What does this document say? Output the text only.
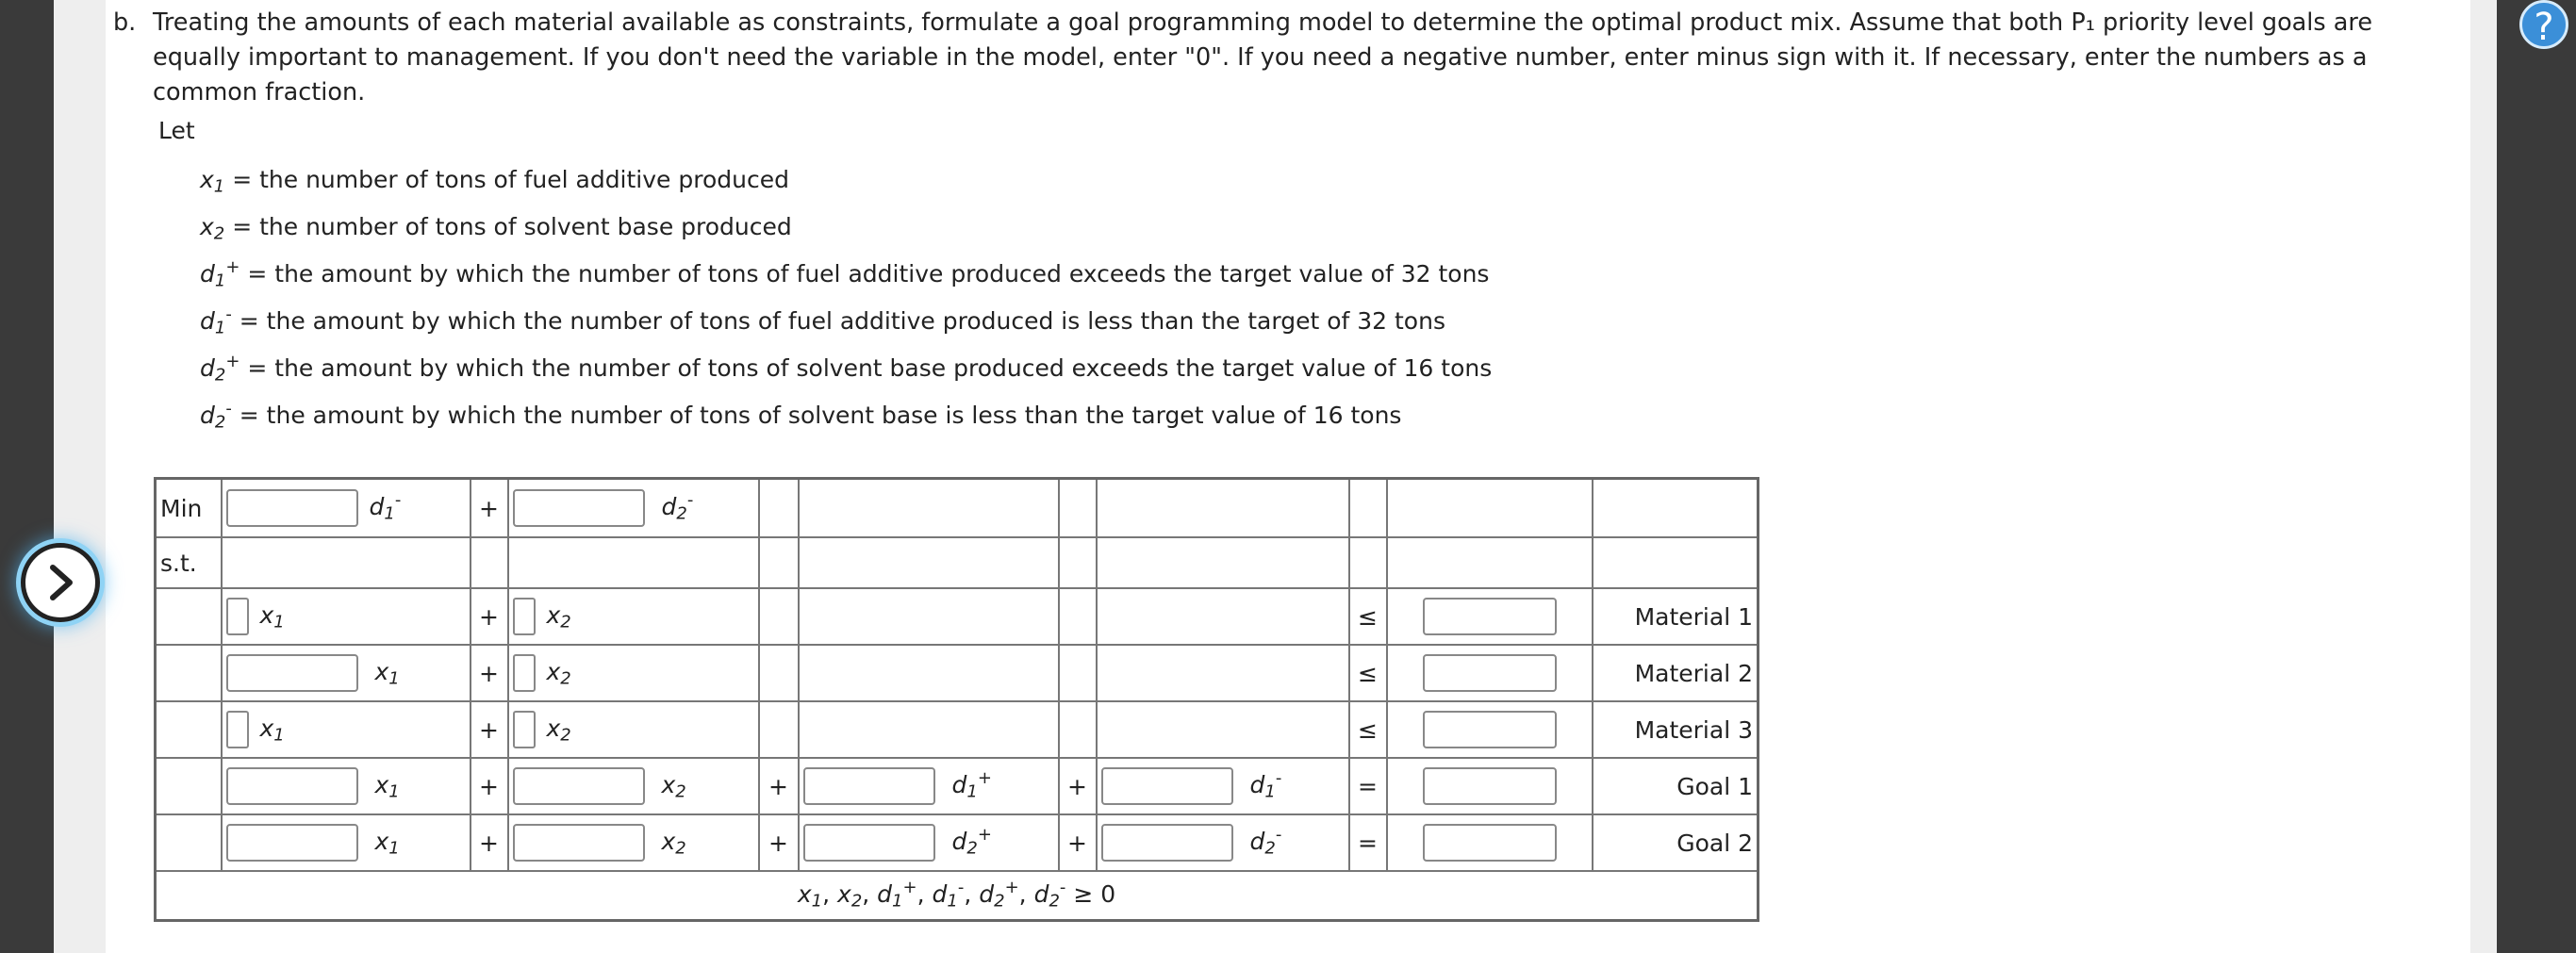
?
b. Treating the amounts of each material available as constraints, formulate a goal programming model to determine the optimal product mix. Assume that both P₁ priority level goals are equally important to management. If you don't need the variable in the model, enter "0". If you need a negative number, enter minus sign with it. If necessary, enter the numbers as a common fraction.
Let
$x_1$ = the number of tons of fuel additive produced
$x_2$ = the number of tons of solvent base produced
$d_1^+$ = the amount by which the number of tons of fuel additive produced exceeds the target value of 32 tons
$d_1^-$ = the amount by which the number of tons of fuel additive produced is less than the target of 32 tons
$d_2^+$ = the amount by which the number of tons of solvent base produced exceeds the target value of 16 tons
$d_2^-$ = the amount by which the number of tons of solvent base is less than the target value of 16 tons
Min	$d_1^-$	+	$d_2^-$							
s.t.										
	$x_1$	+	$x_2$					≤		Material 1
	$x_1$	+	$x_2$					≤		Material 2
	$x_1$	+	$x_2$					≤		Material 3
	$x_1$	+	$x_2$	+	$d_1^+$	+	$d_1^-$	=		Goal 1
	$x_1$	+	$x_2$	+	$d_2^+$	+	$d_2^-$	=		Goal 2
$x_1$, $x_2$, $d_1^+$, $d_1^-$, $d_2^+$, $d_2^- \ge 0$										
